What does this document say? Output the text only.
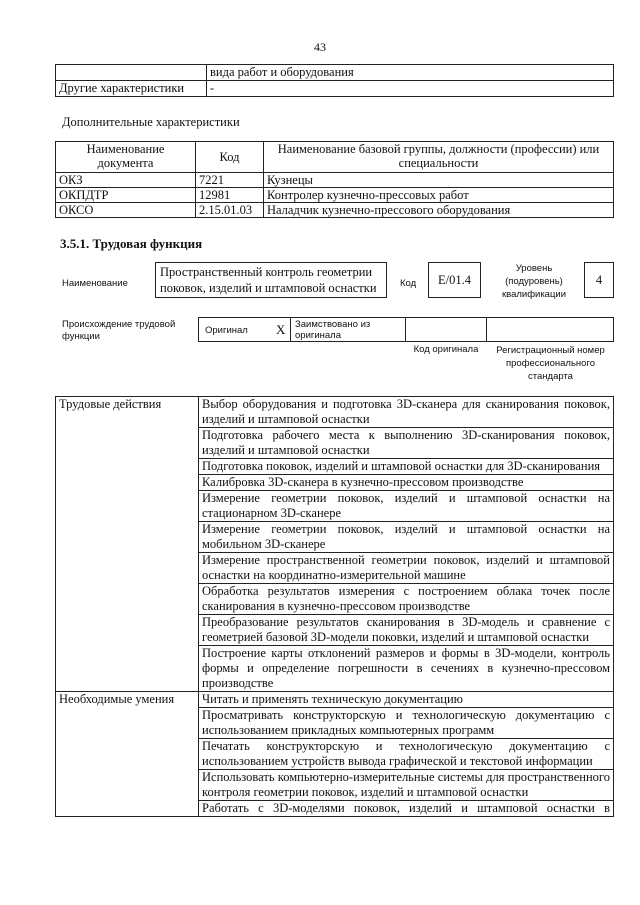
43
	вида работ и оборудования
Другие характеристики	-
Дополнительные характеристики
Наименование документа	Код	Наименование базовой группы, должности (профессии) или специальности
ОКЗ	7221	Кузнецы
ОКПДТР	12981	Контролер кузнечно-прессовых работ
ОКСО	2.15.01.03	Наладчик кузнечно-прессового оборудования
3.5.1. Трудовая функция
Наименование
Пространственный контроль геометрии поковок, изделий и штамповой оснастки	Код	E/01.4
Уровень (подуровень) квалификации
4
Происхождение трудовой функции
Оригинал X Заимствовано из оригинала
Код оригинала	Регистрационный номер профессионального стандарта
Трудовые действия	Выбор оборудования и подготовка 3D-сканера для сканирования поковок, изделий и штамповой оснастки
	Подготовка рабочего места к выполнению 3D-сканирования поковок, изделий и штамповой оснастки
	Подготовка поковок, изделий и штамповой оснастки для 3D-сканирования
	Калибровка 3D-сканера в кузнечно-прессовом производстве
	Измерение геометрии поковок, изделий и штамповой оснастки на стационарном 3D-сканере
	Измерение геометрии поковок, изделий и штамповой оснастки на мобильном 3D-сканере
	Измерение пространственной геометрии поковок, изделий и штамповой оснастки на координатно-измерительной машине
	Обработка результатов измерения с построением облака точек после сканирования в кузнечно-прессовом производстве
	Преобразование результатов сканирования в 3D-модель и сравнение с геометрией базовой 3D-модели поковки, изделий и штамповой оснастки
	Построение карты отклонений размеров и формы в 3D-модели, контроль формы и определение погрешности в сечениях в кузнечно-прессовом производстве
Необходимые умения	Читать и применять техническую документацию
	Просматривать конструкторскую и технологическую документацию с использованием прикладных компьютерных программ
	Печатать конструкторскую и технологическую документацию с использованием устройств вывода графической и текстовой информации
	Использовать компьютерно-измерительные системы для пространственного контроля геометрии поковок, изделий и штамповой оснастки
	Работать с 3D-моделями поковок, изделий и штамповой оснастки в
